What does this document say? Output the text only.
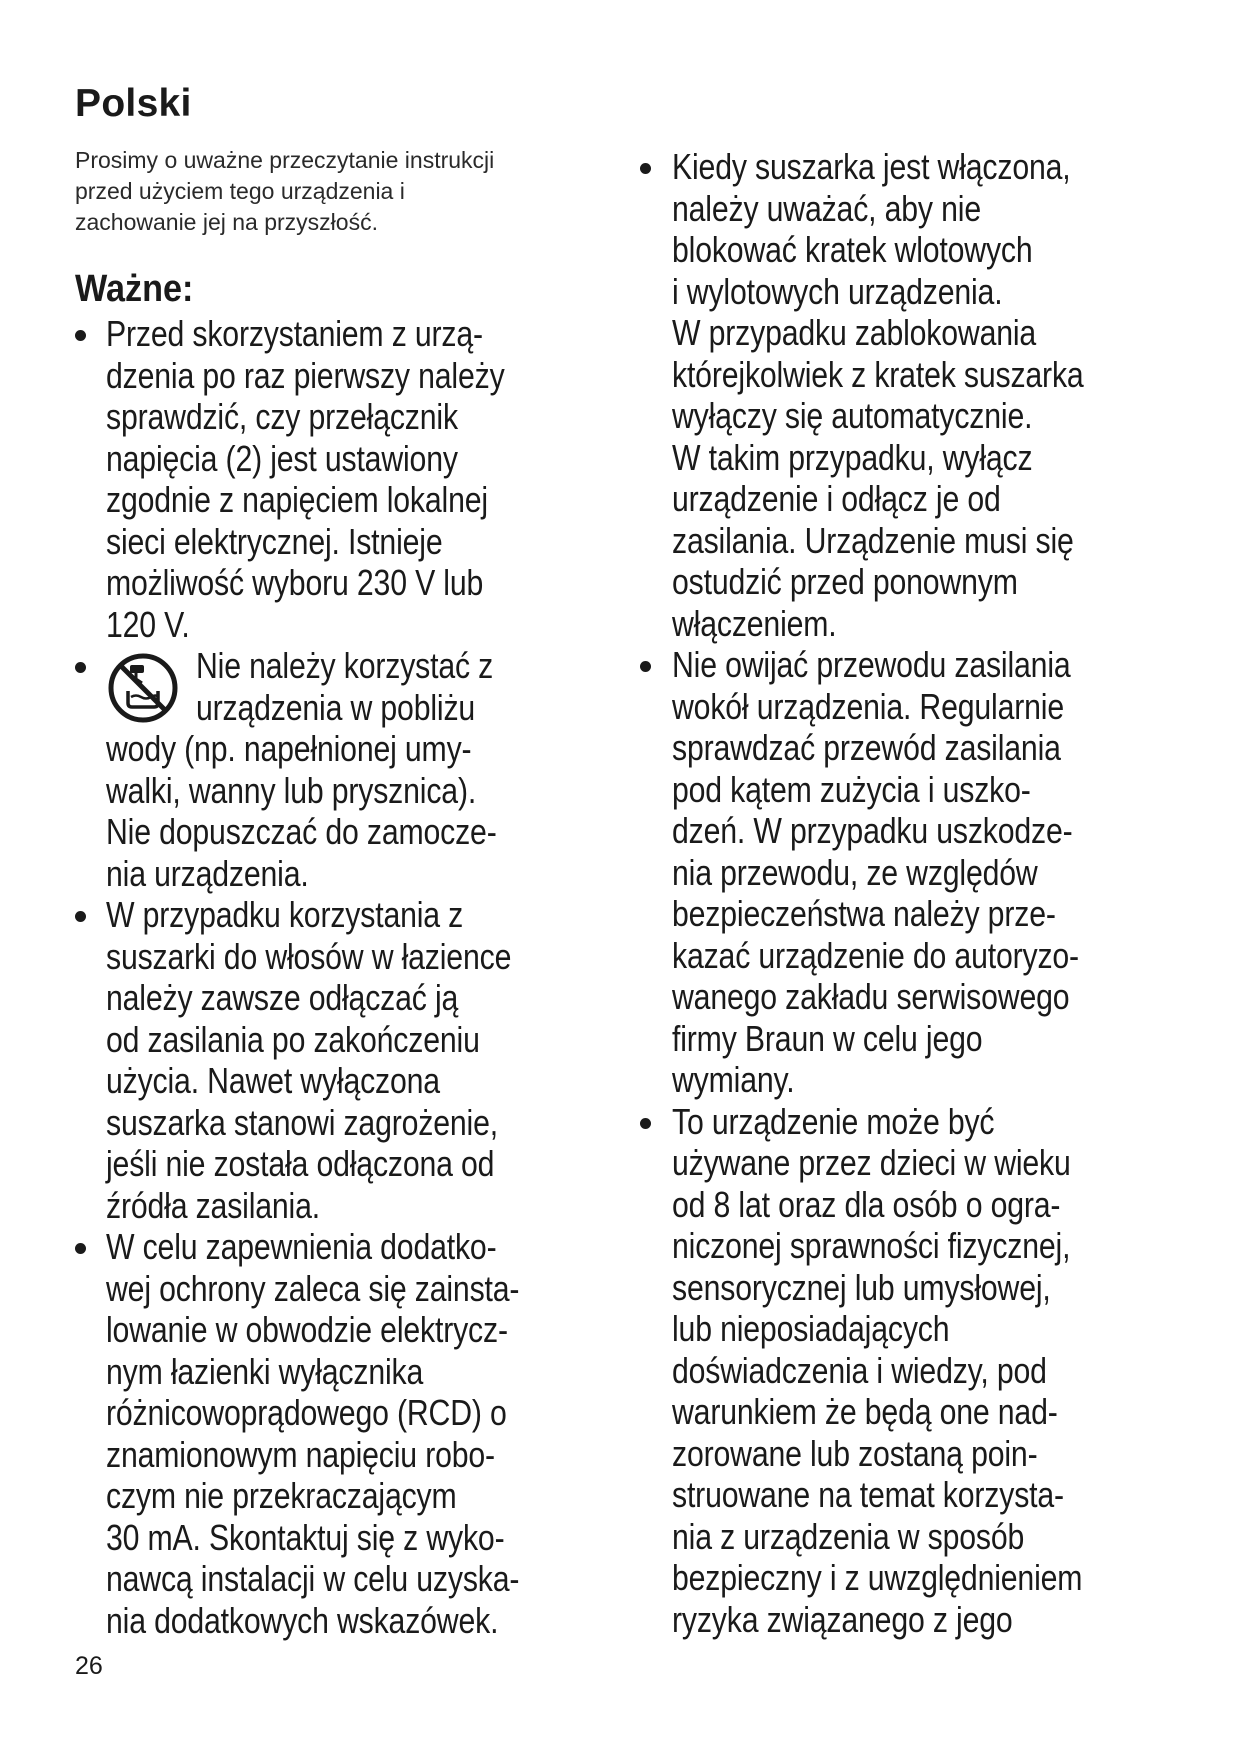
Polski
Prosimy o uważne przeczytanie instrukcji
przed użyciem tego urządzenia i
zachowanie jej na przyszłość.
Ważne:
Przed skorzystaniem z urzą-
dzenia po raz pierwszy należy
sprawdzić, czy przełącznik
napięcia (2) jest ustawiony
zgodnie z napięciem lokalnej
sieci elektrycznej. Istnieje
możliwość wyboru 230 V lub
120 V.
Nie należy korzystać z
urządzenia w pobliżu
wody (np. napełnionej umy-
walki, wanny lub prysznica).
Nie dopuszczać do zamocze-
nia urządzenia.
W przypadku korzystania z
suszarki do włosów w łazience
należy zawsze odłączać ją
od zasilania po zakończeniu
użycia. Nawet wyłączona
suszarka stanowi zagrożenie,
jeśli nie została odłączona od
źródła zasilania.
W celu zapewnienia dodatko-
wej ochrony zaleca się zainsta-
lowanie w obwodzie elektrycz-
nym łazienki wyłącznika
różnicowoprądowego (RCD) o
znamionowym napięciu robo-
czym nie przekraczającym
30 mA. Skontaktuj się z wyko-
nawcą instalacji w celu uzyska-
nia dodatkowych wskazówek.
Kiedy suszarka jest włączona,
należy uważać, aby nie
blokować kratek wlotowych
i wylotowych urządzenia.
W przypadku zablokowania
którejkolwiek z kratek suszarka
wyłączy się automatycznie.
W takim przypadku, wyłącz
urządzenie i odłącz je od
zasilania. Urządzenie musi się
ostudzić przed ponownym
włączeniem.
Nie owijać przewodu zasilania
wokół urządzenia. Regularnie
sprawdzać przewód zasilania
pod kątem zużycia i uszko-
dzeń. W przypadku uszkodze-
nia przewodu, ze względów
bezpieczeństwa należy prze-
kazać urządzenie do autoryzo-
wanego zakładu serwisowego
firmy Braun w celu jego
wymiany.
To urządzenie może być
używane przez dzieci w wieku
od 8 lat oraz dla osób o ogra-
niczonej sprawności fizycznej,
sensorycznej lub umysłowej,
lub nieposiadających
doświadczenia i wiedzy, pod
warunkiem że będą one nad-
zorowane lub zostaną poin-
struowane na temat korzysta-
nia z urządzenia w sposób
bezpieczny i z uwzględnieniem
ryzyka związanego z jego
26
